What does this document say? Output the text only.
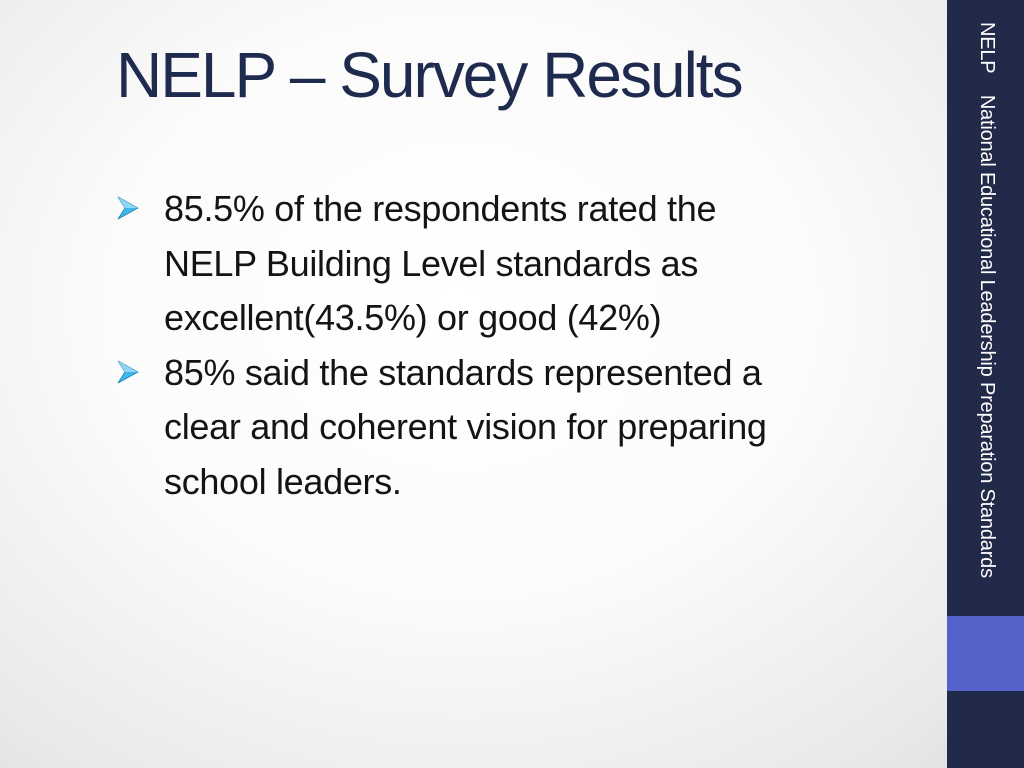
NELP – Survey Results
85.5% of the respondents rated the
NELP Building Level standards as
excellent(43.5%) or good (42%)
85% said the standards represented a
clear and coherent vision for preparing
school leaders.
NELP National Educational Leadership Preparation Standards
